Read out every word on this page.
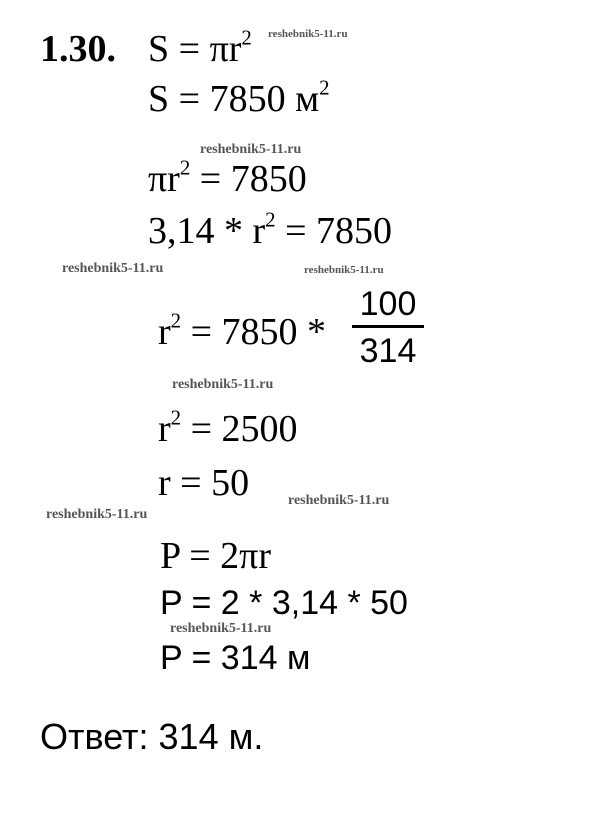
1.30. $S = \pi r^2$
S = 7850 $м^2$
$\pi r^2 = 7850$
$3,14 * r^2 = 7850$
$r^2 = 7850$ *
100
314
$r^2 = 2500$
r = 50
P = 2πr
P = 2 * 3,14 * 50
P = 314 м
Ответ: 314 м.
reshebnik5-11.ru
reshebnik5-11.ru
reshebnik5-11.ru	reshebnik5-11.ru
reshebnik5-11.ru
reshebnik5-11.ru
reshebnik5-11.ru
reshebnik5-11.ru
